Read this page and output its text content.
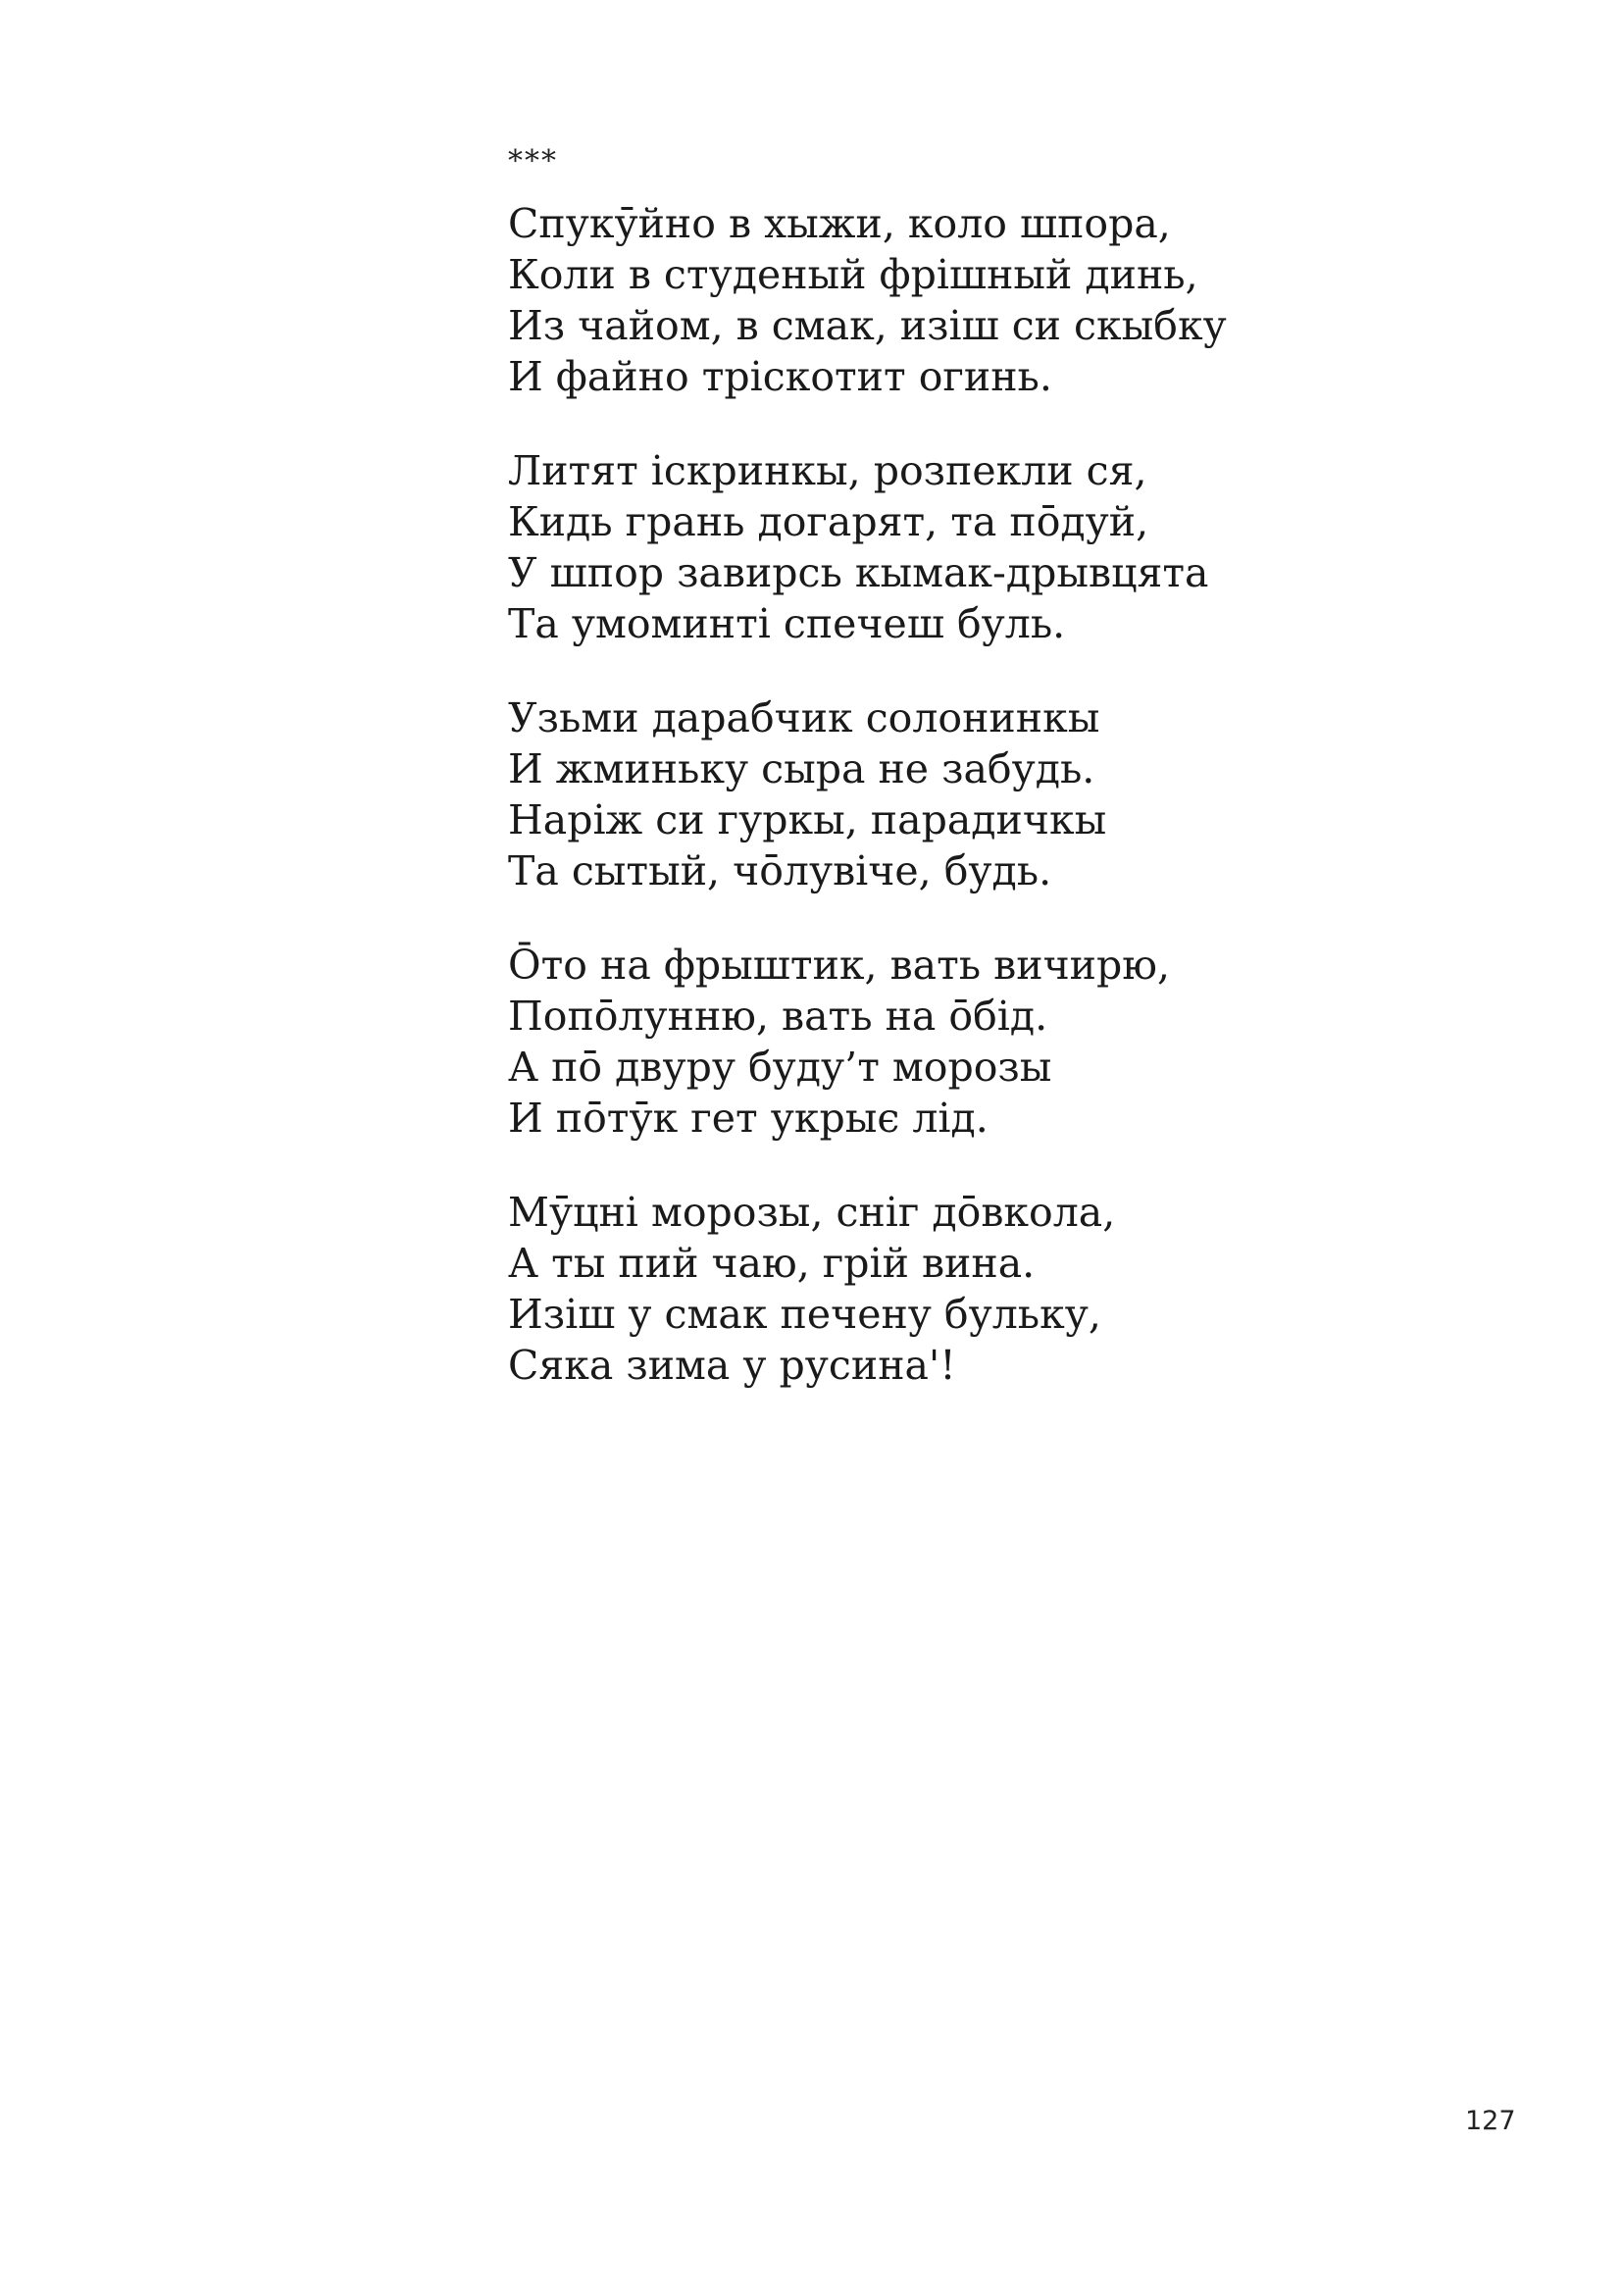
***
Спукӯйно в хыжи, коло шпора,
Коли в студеный фрішный динь,
Из чайом, в смак, изіш си скыбку
И файно тріскотит огинь.
Литят іскринкы, розпекли ся,
Кидь грань догарят, та пōдуй,
У шпор завирсь кымак-дрывцята
Та умоминті спечеш буль.
Узьми дарабчик солонинкы
И жминьку сыра не забудь.
Наріж си гуркы, парадичкы
Та сытый, чōлувіче, будь.
Ōто на фрыштик, вать вичирю,
Попōлунню, вать на ōбід.
А пō двуру буду’т морозы
И пōтӯк гет укрыє лід.
Мӯцні морозы, сніг дōвкола,
А ты пий чаю, грій вина.
Изіш у смак печену бульку,
Сяка зима у русина'!
127
